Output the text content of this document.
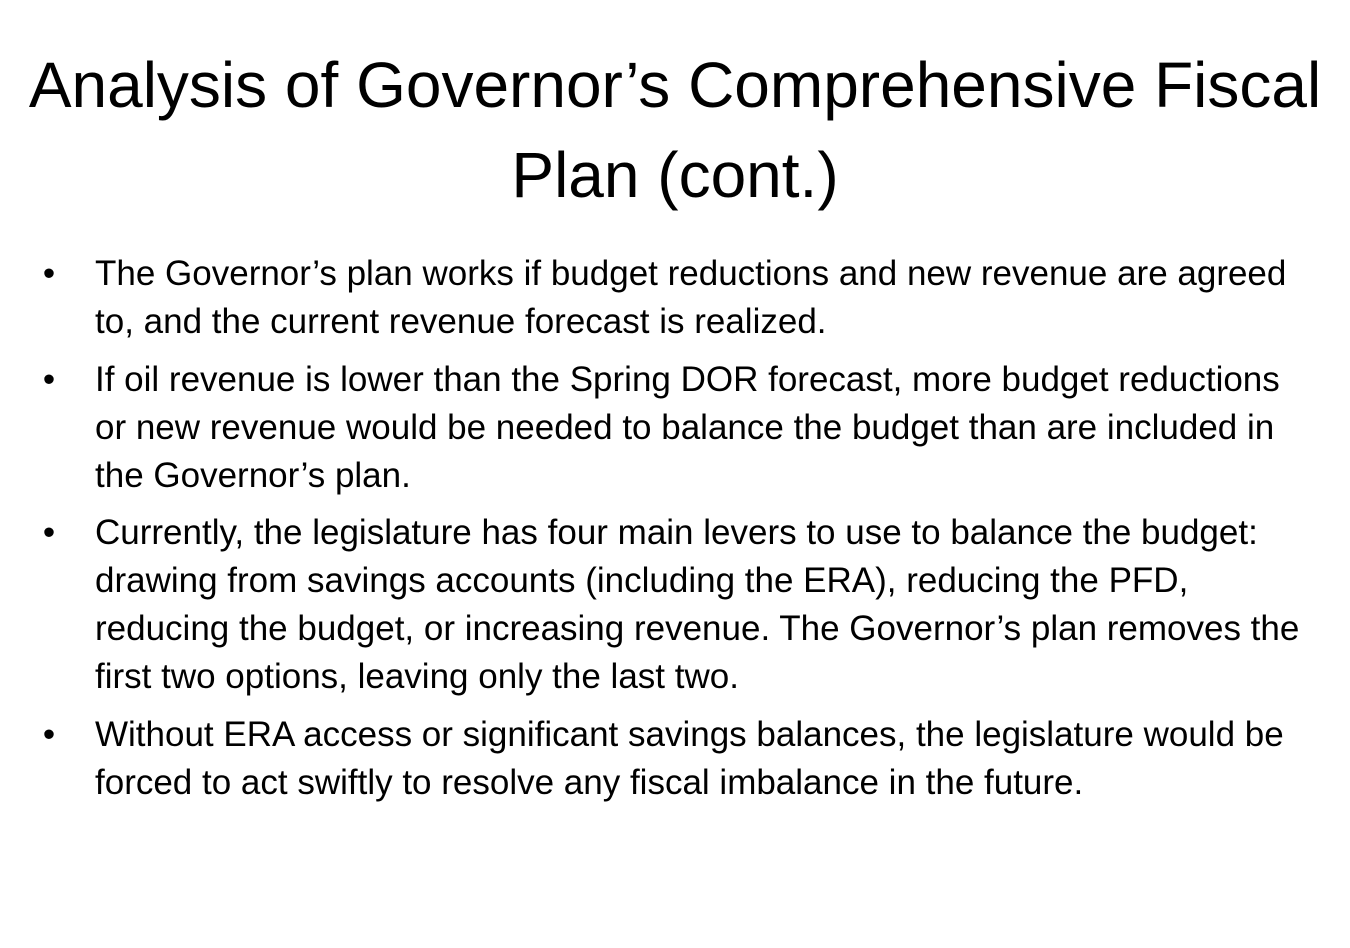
Analysis of Governor’s Comprehensive Fiscal Plan (cont.)
• The Governor’s plan works if budget reductions and new revenue are agreed to, and the current revenue forecast is realized.
• If oil revenue is lower than the Spring DOR forecast, more budget reductions or new revenue would be needed to balance the budget than are included in the Governor’s plan.
• Currently, the legislature has four main levers to use to balance the budget: drawing from savings accounts (including the ERA), reducing the PFD, reducing the budget, or increasing revenue. The Governor’s plan removes the first two options, leaving only the last two.
• Without ERA access or significant savings balances, the legislature would be forced to act swiftly to resolve any fiscal imbalance in the future.
